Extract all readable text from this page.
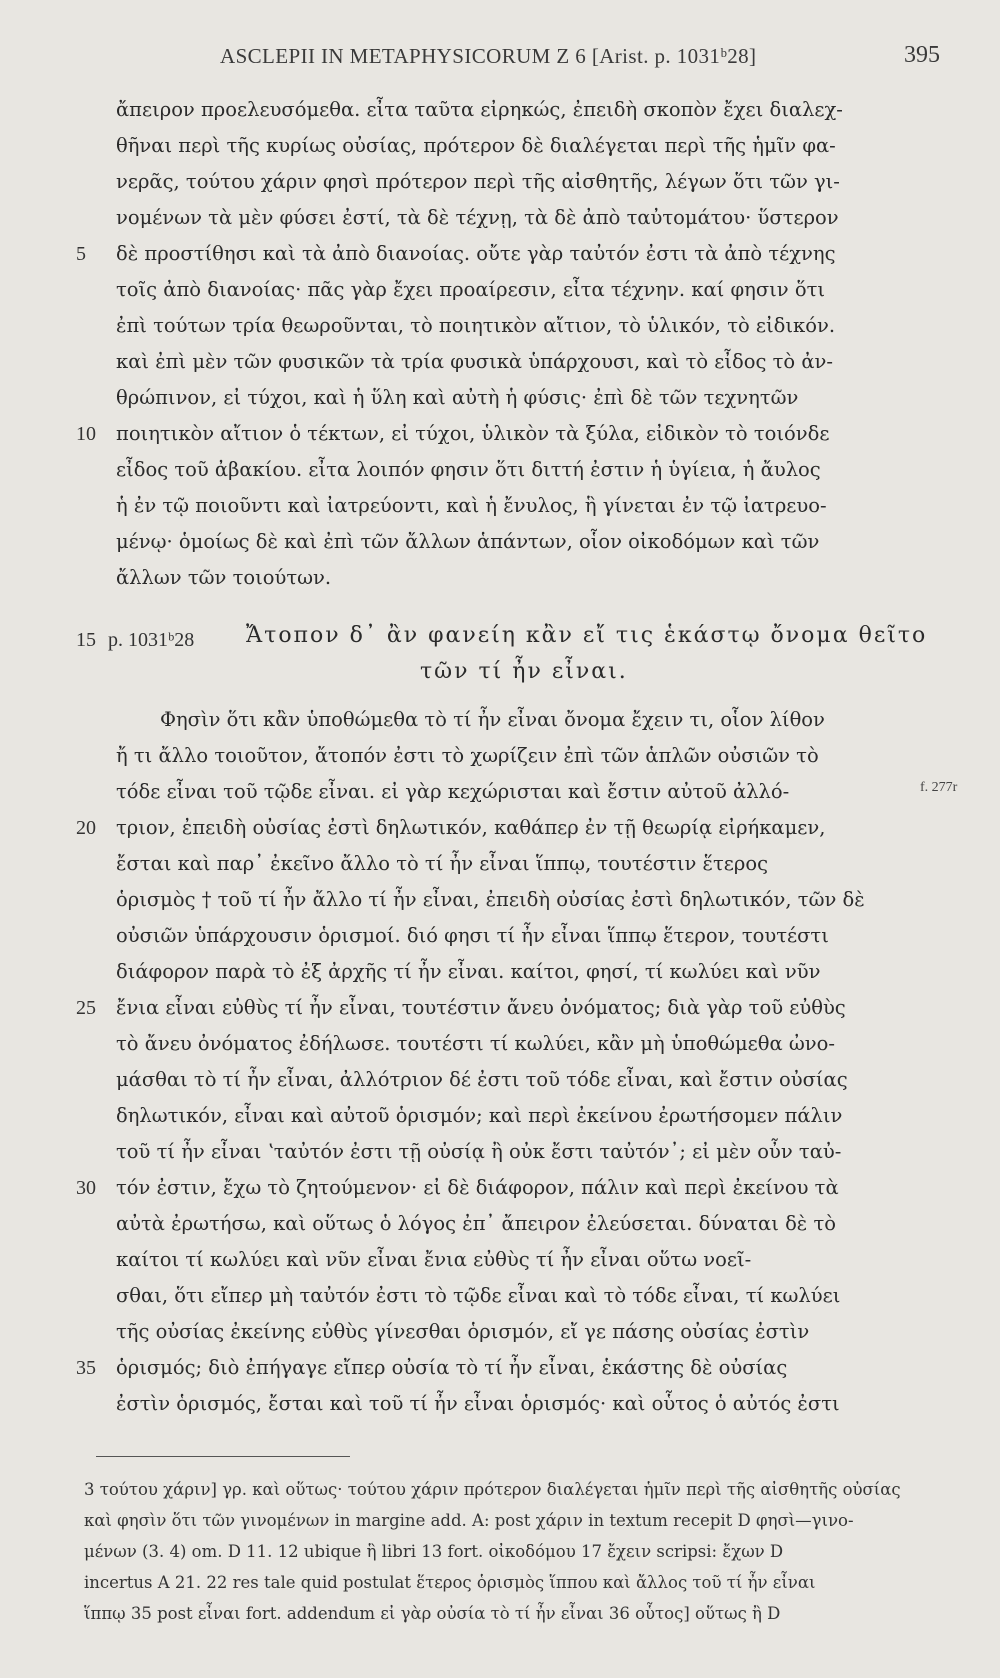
ASCLEPII IN METAPHYSICORUM Z 6 [Arist. p. 1031ᵇ28]	395
ἄπειρον προελευσόμεθα. εἶτα ταῦτα εἰρηκώς, ἐπειδὴ σκοπὸν ἔχει διαλεχ-
θῆναι περὶ τῆς κυρίως οὐσίας, πρότερον δὲ διαλέγεται περὶ τῆς ἡμῖν φα-
νερᾶς, τούτου χάριν φησὶ πρότερον περὶ τῆς αἰσθητῆς, λέγων ὅτι τῶν γι-
νομένων τὰ μὲν φύσει ἐστί, τὰ δὲ τέχνῃ, τὰ δὲ ἀπὸ ταὐτομάτου· ὕστερον
5	δὲ προστίθησι καὶ τὰ ἀπὸ διανοίας. οὔτε γὰρ ταὐτόν ἐστι τὰ ἀπὸ τέχνης
τοῖς ἀπὸ διανοίας· πᾶς γὰρ ἔχει προαίρεσιν, εἶτα τέχνην. καί φησιν ὅτι
ἐπὶ τούτων τρία θεωροῦνται, τὸ ποιητικὸν αἴτιον, τὸ ὑλικόν, τὸ εἰδικόν.
καὶ ἐπὶ μὲν τῶν φυσικῶν τὰ τρία φυσικὰ ὑπάρχουσι, καὶ τὸ εἶδος τὸ ἀν-
θρώπινον, εἰ τύχοι, καὶ ἡ ὕλη καὶ αὐτὴ ἡ φύσις· ἐπὶ δὲ τῶν τεχνητῶν
10	ποιητικὸν αἴτιον ὁ τέκτων, εἰ τύχοι, ὑλικὸν τὰ ξύλα, εἰδικὸν τὸ τοιόνδε
εἶδος τοῦ ἀβακίου. εἶτα λοιπόν φησιν ὅτι διττή ἐστιν ἡ ὑγίεια, ἡ ἄυλος
ἡ ἐν τῷ ποιοῦντι καὶ ἰατρεύοντι, καὶ ἡ ἔνυλος, ἣ γίνεται ἐν τῷ ἰατρευο-
μένῳ· ὁμοίως δὲ καὶ ἐπὶ τῶν ἄλλων ἁπάντων, οἷον οἰκοδόμων καὶ τῶν
ἄλλων τῶν τοιούτων.
15 p. 1031ᵇ28 Ἄτοπον δ᾽ ἂν φανείη κἂν εἴ τις ἑκάστῳ ὄνομα θεῖτο
τῶν τί ἦν εἶναι.
Φησὶν ὅτι κἂν ὑποθώμεθα τὸ τί ἦν εἶναι ὄνομα ἔχειν τι, οἷον λίθον
ἤ τι ἄλλο τοιοῦτον, ἄτοπόν ἐστι τὸ χωρίζειν ἐπὶ τῶν ἁπλῶν οὐσιῶν τὸ
τόδε εἶναι τοῦ τῷδε εἶναι. εἰ γὰρ κεχώρισται καὶ ἔστιν αὐτοῦ ἀλλό-	f. 277r
20	τριον, ἐπειδὴ οὐσίας ἐστὶ δηλωτικόν, καθάπερ ἐν τῇ θεωρίᾳ εἰρήκαμεν,
ἔσται καὶ παρ᾽ ἐκεῖνο ἄλλο τὸ τί ἦν εἶναι ἵππῳ, τουτέστιν ἕτερος
ὁρισμὸς † τοῦ τί ἦν ἄλλο τί ἦν εἶναι, ἐπειδὴ οὐσίας ἐστὶ δηλωτικόν, τῶν δὲ
οὐσιῶν ὑπάρχουσιν ὁρισμοί. διό φησι τί ἦν εἶναι ἵππῳ ἕτερον, τουτέστι
διάφορον παρὰ τὸ ἐξ ἀρχῆς τί ἦν εἶναι. καίτοι, φησί, τί κωλύει καὶ νῦν
25	ἔνια εἶναι εὐθὺς τί ἦν εἶναι, τουτέστιν ἄνευ ὀνόματος; διὰ γὰρ τοῦ εὐθὺς
τὸ ἄνευ ὀνόματος ἐδήλωσε. τουτέστι τί κωλύει, κἂν μὴ ὑποθώμεθα ὠνο-
μάσθαι τὸ τί ἦν εἶναι, ἀλλότριον δέ ἐστι τοῦ τόδε εἶναι, καὶ ἔστιν οὐσίας
δηλωτικόν, εἶναι καὶ αὐτοῦ ὁρισμόν; καὶ περὶ ἐκείνου ἐρωτήσομεν πάλιν
τοῦ τί ἦν εἶναι ʽταὐτόν ἐστι τῇ οὐσίᾳ ἢ οὐκ ἔστι ταὐτόν᾽; εἰ μὲν οὖν ταὐ-
30	τόν ἐστιν, ἔχω τὸ ζητούμενον· εἰ δὲ διάφορον, πάλιν καὶ περὶ ἐκείνου τὰ
αὐτὰ ἐρωτήσω, καὶ οὕτως ὁ λόγος ἐπ᾽ ἄπειρον ἐλεύσεται. δύναται δὲ τὸ
καίτοι τί κωλύει καὶ νῦν εἶναι ἔνια εὐθὺς τί ἦν εἶναι οὕτω νοεῖ-
σθαι, ὅτι εἴπερ μὴ ταὐτόν ἐστι τὸ τῷδε εἶναι καὶ τὸ τόδε εἶναι, τί κωλύει
τῆς οὐσίας ἐκείνης εὐθὺς γίνεσθαι ὁρισμόν, εἴ γε πάσης οὐσίας ἐστὶν
35	ὁρισμός; διὸ ἐπήγαγε εἴπερ οὐσία τὸ τί ἦν εἶναι, ἑκάστης δὲ οὐσίας
ἐστὶν ὁρισμός, ἔσται καὶ τοῦ τί ἦν εἶναι ὁρισμός· καὶ οὗτος ὁ αὐτός ἐστι
3 τούτου χάριν] γρ. καὶ οὕτως· τούτου χάριν πρότερον διαλέγεται ἡμῖν περὶ τῆς αἰσθητῆς οὐσίας
καὶ φησὶν ὅτι τῶν γινομένων in margine add. A: post χάριν in textum recepit D φησὶ—γινο-
μένων (3. 4) om. D 11. 12 ubique ἣ libri 13 fort. οἰκοδόμου 17 ἔχειν scripsi: ἔχων D
incertus A 21. 22 res tale quid postulat ἕτερος ὁρισμὸς ἵππου καὶ ἄλλος τοῦ τί ἦν εἶναι
ἵππῳ 35 post εἶναι fort. addendum εἰ γὰρ οὐσία τὸ τί ἦν εἶναι 36 οὗτος] οὕτως ἢ D
